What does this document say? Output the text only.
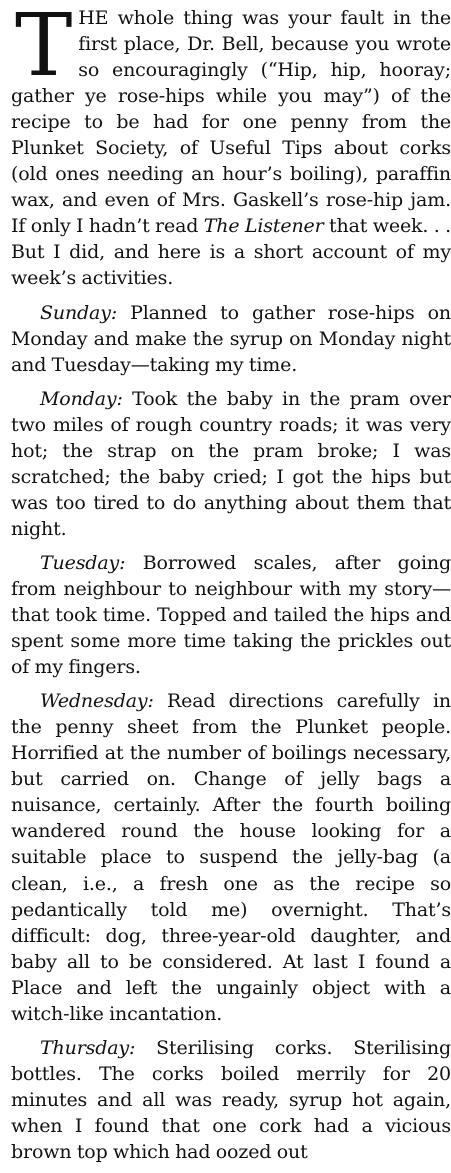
THE whole thing was your fault in the first place, Dr. Bell, because you wrote so encouragingly (“Hip, hip, hooray; gather ye rose-hips while you may”) of the recipe to be had for one penny from the Plunket Society, of Useful Tips about corks (old ones needing an hour’s boiling), paraffin wax, and even of Mrs. Gaskell’s rose-hip jam. If only I hadn’t read The Listener that week. . . But I did, and here is a short account of my week’s activities.

Sunday: Planned to gather rose-hips on Monday and make the syrup on Monday night and Tuesday—taking my time.

Monday: Took the baby in the pram over two miles of rough country roads; it was very hot; the strap on the pram broke; I was scratched; the baby cried; I got the hips but was too tired to do anything about them that night.

Tuesday: Borrowed scales, after going from neighbour to neighbour with my story—that took time. Topped and tailed the hips and spent some more time taking the prickles out of my fingers.

Wednesday: Read directions carefully in the penny sheet from the Plunket people. Horrified at the number of boilings necessary, but carried on. Change of jelly bags a nuisance, certainly. After the fourth boiling wandered round the house looking for a suitable place to suspend the jelly-bag (a clean, i.e., a fresh one as the recipe so pedantically told me) overnight. That’s difficult: dog, three-year-old daughter, and baby all to be considered. At last I found a Place and left the ungainly object with a witch-like incantation.

Thursday: Sterilising corks. Sterilising bottles. The corks boiled merrily for 20 minutes and all was ready, syrup hot again, when I found that one cork had a vicious brown top which had oozed out
